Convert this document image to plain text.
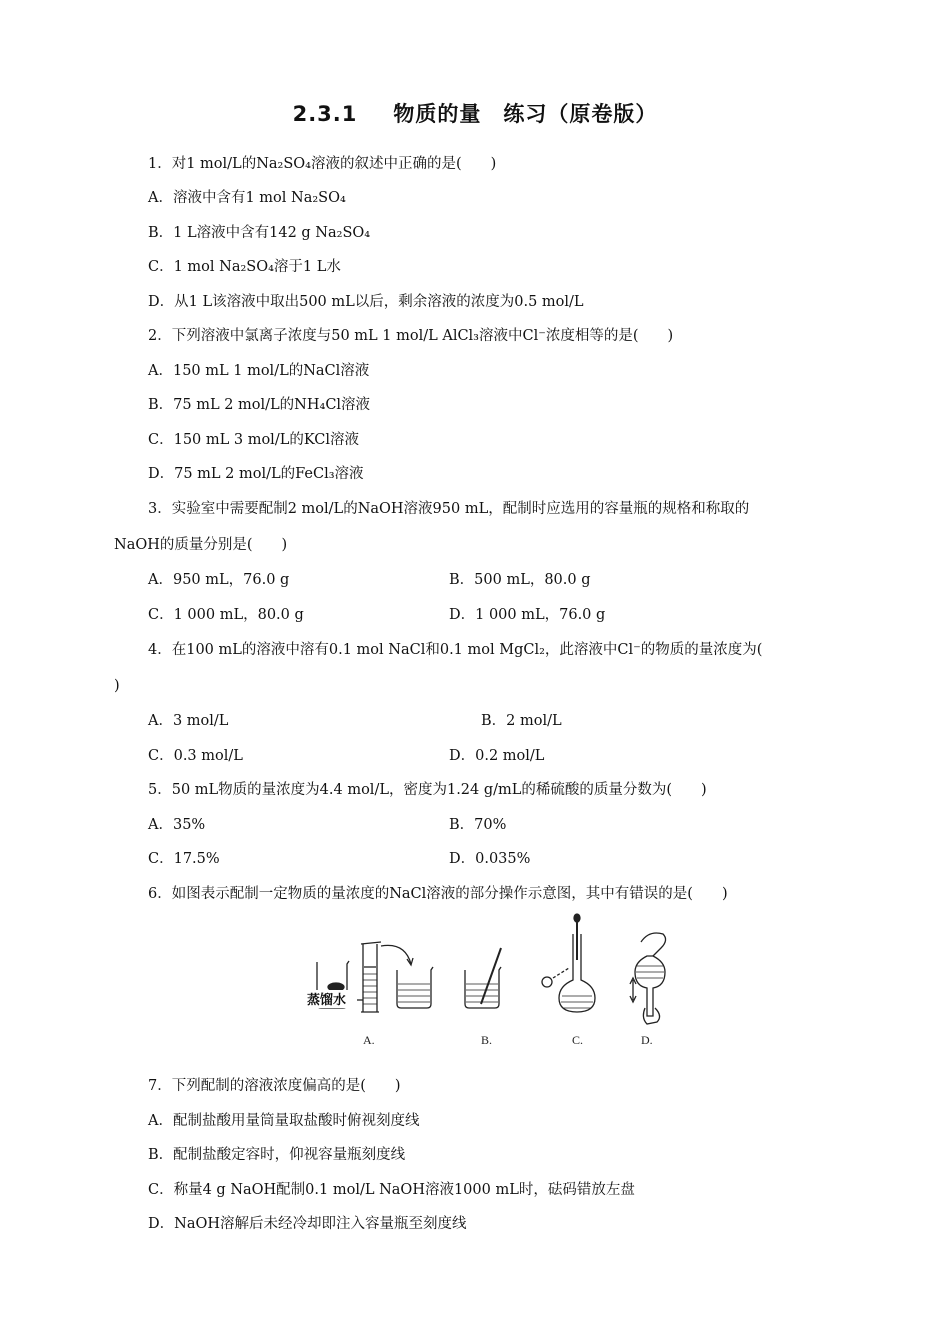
2.3.1 物质的量　练习（原卷版）
1．对1 mol/L的Na₂SO₄溶液的叙述中正确的是(　　)
A．溶液中含有1 mol Na₂SO₄
B．1 L溶液中含有142 g Na₂SO₄
C．1 mol Na₂SO₄溶于1 L水
D．从1 L该溶液中取出500 mL以后，剩余溶液的浓度为0.5 mol/L
2．下列溶液中氯离子浓度与50 mL 1 mol/L AlCl₃溶液中Cl⁻浓度相等的是(　　)
A．150 mL 1 mol/L的NaCl溶液
B．75 mL 2 mol/L的NH₄Cl溶液
C．150 mL 3 mol/L的KCl溶液
D．75 mL 2 mol/L的FeCl₃溶液
3．实验室中需要配制2 mol/L的NaOH溶液950 mL，配制时应选用的容量瓶的规格和称取的
NaOH的质量分别是(　　)
A．950 mL，76.0 g	B．500 mL，80.0 g
C．1 000 mL，80.0 g	D．1 000 mL，76.0 g
4．在100 mL的溶液中溶有0.1 mol NaCl和0.1 mol MgCl₂，此溶液中Cl⁻的物质的量浓度为(
)
A．3 mol/L	B．2 mol/L
C．0.3 mol/L	D．0.2 mol/L
5．50 mL物质的量浓度为4.4 mol/L，密度为1.24 g/mL的稀硫酸的质量分数为(　　)
A．35%	B．70%
C．17.5%	D．0.035%
6．如图表示配制一定物质的量浓度的NaCl溶液的部分操作示意图，其中有错误的是(　　)
蒸馏水
A.	B.	C.	D.
7．下列配制的溶液浓度偏高的是(　　)
A．配制盐酸用量筒量取盐酸时俯视刻度线
B．配制盐酸定容时，仰视容量瓶刻度线
C．称量4 g NaOH配制0.1 mol/L NaOH溶液1000 mL时，砝码错放左盘
D．NaOH溶解后未经冷却即注入容量瓶至刻度线
